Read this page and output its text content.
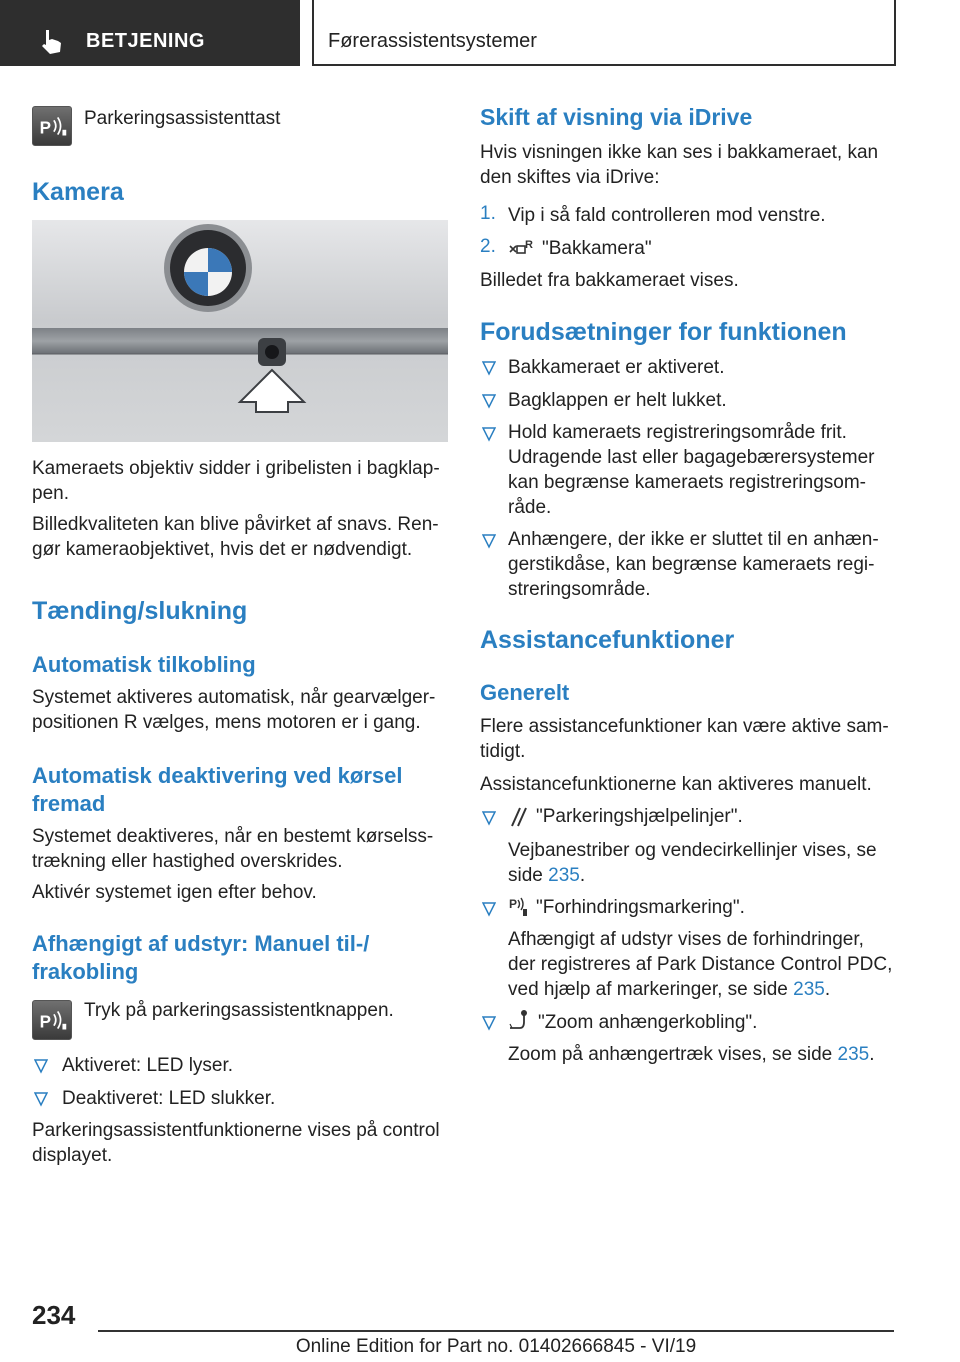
BETJENING	Førerassistentsystemer
P Parkeringsassistenttast
Kamera
Kameraets objektiv sidder i gribelisten i bagklap-
pen.
Billedkvaliteten kan blive påvirket af snavs. Ren-
gør kameraobjektivet, hvis det er nødvendigt.
Tænding/slukning
Automatisk tilkobling
Systemet aktiveres automatisk, når gearvælger-
positionen R vælges, mens motoren er i gang.
Automatisk deaktivering ved kørsel
fremad
Systemet deaktiveres, når en bestemt kørselss-
trækning eller hastighed overskrides.
Aktivér systemet igen efter behov.
Afhængigt af udstyr: Manuel til-/
frakobling
P
Tryk på parkeringsassistentknappen.
Aktiveret: LED lyser.
Deaktiveret: LED slukker.
Parkeringsassistentfunktionerne vises på control
displayet.
Skift af visning via iDrive
Hvis visningen ikke kan ses i bakkameraet, kan
den skiftes via iDrive:
1. Vip i så fald controlleren mod venstre.
2.	R "Bakkamera"
Billedet fra bakkameraet vises.
Forudsætninger for funktionen
Bakkameraet er aktiveret.
Bagklappen er helt lukket.
Hold kameraets registreringsområde frit.
Udragende last eller bagagebærersystemer
kan begrænse kameraets registreringsom-
råde.
Anhængere, der ikke er sluttet til en anhæn-
gerstikdåse, kan begrænse kameraets regi-
streringsområde.
Assistancefunktioner
Generelt
Flere assistancefunktioner kan være aktive sam-
tidigt.
Assistancefunktionerne kan aktiveres manuelt.
"Parkeringshjælpelinjer".
Vejbanestriber og vendecirkellinjer vises, se
side 235.
P "Forhindringsmarkering".
Afhængigt af udstyr vises de forhindringer,
der registreres af Park Distance Control PDC,
ved hjælp af markeringer, se side 235.
"Zoom anhængerkobling".
Zoom på anhængertræk vises, se side 235.
234
Online Edition for Part no. 01402666845 - VI/19
